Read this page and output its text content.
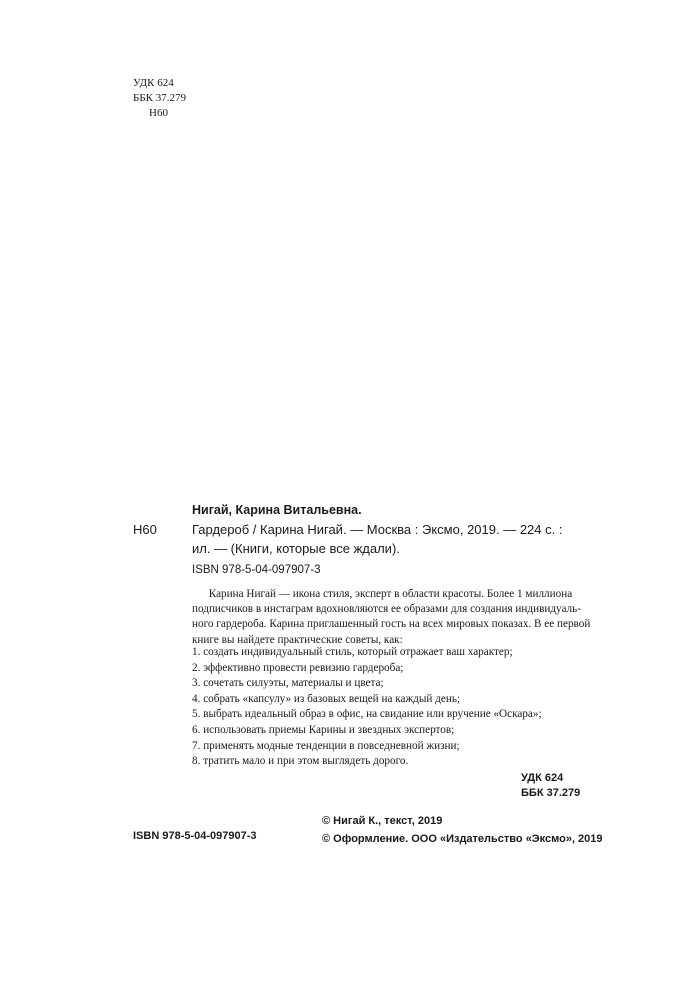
УДК 624
ББК 37.279
Н60
Нигай, Карина Витальевна.
Н60	Гардероб / Карина Нигай. — Москва : Эксмо, 2019. — 224 с. :
ил. — (Книги, которые все ждали).
ISBN 978-5-04-097907-3
Карина Нигай — икона стиля, эксперт в области красоты. Более 1 миллиона
подписчиков в инстаграм вдохновляются ее образами для создания индивидуаль-
ного гардероба. Карина приглашенный гость на всех мировых показах. В ее первой
книге вы найдете практические советы, как:
1. создать индивидуальный стиль, который отражает ваш характер;
2. эффективно провести ревизию гардероба;
3. сочетать силуэты, материалы и цвета;
4. собрать «капсулу» из базовых вещей на каждый день;
5. выбрать идеальный образ в офис, на свидание или вручение «Оскара»;
6. использовать приемы Карины и звездных экспертов;
7. применять модные тенденции в повседневной жизни;
8. тратить мало и при этом выглядеть дорого.
УДК 624
ББК 37.279
ISBN 978-5-04-097907-3
© Нигай К., текст, 2019
© Оформление. ООО «Издательство «Эксмо», 2019
